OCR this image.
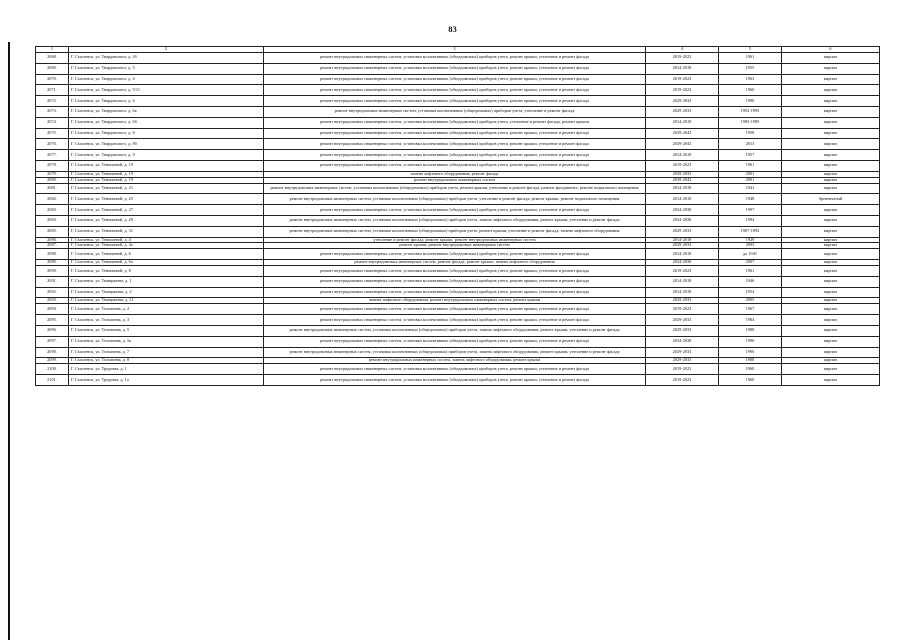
83
1	2	3	4	5	6
2068.	Г. Смоленск, ул. Твардовского, д. 2б	ремонт внутридомовых инженерных систем, установка коллективных (общедомовых) приборов учета, ремонт крыши, утепление и ремонт фасада	2019-2023	1961	кирпич
2069.	Г. Смоленск, ул. Твардовского, д. 3	ремонт внутридомовых инженерных систем, установка коллективных (общедомовых) приборов учета, ремонт крыши, утепление и ремонт фасада	2014-2018	1955	кирпич
2070.	Г. Смоленск, ул. Твардовского, д. 4	ремонт внутридомовых инженерных систем, установка коллективных (общедомовых) приборов учета, ремонт крыши, утепление и ремонт фасада	2019-2023	1963	кирпич
2071.	Г. Смоленск, ул. Твардовского, д. 5/11	ремонт внутридомовых инженерных систем, установка коллективных (общедомовых) приборов учета, ремонт крыши, утепление и ремонт фасада	2019-2023	1960	кирпич
2072.	Г. Смоленск, ул. Твардовского, д. 6	ремонт внутридомовых инженерных систем, установка коллективных (общедомовых) приборов учета, ремонт крыши, утепление и ремонт фасада	2029-2033	1990	кирпич
2073.	Г. Смоленск, ул. Твардовского, д. 6а	ремонт внутридомовых инженерных систем, установка коллективных (общедомовых) приборов учета, утепление и ремонт фасада	2029-2033	1992-1995	кирпич
2074.	Г. Смоленск, ул. Твардовского, д. 6б	ремонт внутридомовых инженерных систем, установка коллективных (общедомовых) приборов учета, утепление и ремонт фасада, ремонт крыши	2014-2018	1983-1985	кирпич
2075.	Г. Смоленск, ул. Твардовского, д. 8	ремонт внутридомовых инженерных систем, установка коллективных (общедомовых) приборов учета, ремонт крыши, утепление и ремонт фасада	2039-2043	1958	кирпич
2076.	Г. Смоленск, ул. Твардовского, д. 8б	ремонт внутридомовых инженерных систем, установка коллективных (общедомовых) приборов учета, ремонт крыши, утепление и ремонт фасада	2039-2043	2013	кирпич
2077.	Г. Смоленск, ул. Твардовского, д. 9	ремонт внутридомовых инженерных систем, установка коллективных (общедомовых) приборов учета, ремонт крыши, утепление и ремонт фасада	2014-2018	1957	кирпич
2078.	Г. Смоленск, ул. Тенишевой, д. 10	ремонт внутридомовых инженерных систем, установка коллективных (общедомовых) приборов учета, ремонт крыши, утепление и ремонт фасада	2019-2023	1961	кирпич
2079.	Г. Смоленск, ул. Тенишевой, д. 19	замена лифтового оборудования, ремонт фасада	2029-2033	2001	кирпич
2080.	Г. Смоленск, ул. Тенишевой, д. 19	ремонт внутридомовых инженерных систем	2039-2043	2001	кирпич
2081.	Г. Смоленск, ул. Тенишевой, д. 21	ремонт внутридомовых инженерных систем, установка коллективных (общедомовых) приборов учета, ремонт крыши, утепление и ремонт фасада, ремонт фундамента, ремонт подвального помещения	2014-2018	1941	кирпич
2082.	Г. Смоленск, ул. Тенишевой, д. 25	ремонт внутридомовых инженерных систем, установка коллективных (общедомовых) приборов учета, утепление и ремонт фасада, ремонт крыши, ремонт подвального помещения	2014-2018	1948	бревенчатый
2083.	Г. Смоленск, ул. Тенишевой, д. 27	ремонт внутридомовых инженерных систем, установка коллективных (общедомовых) приборов учета, ремонт крыши, утепление и ремонт фасада	2034-2038	1997	кирпич
2084.	Г. Смоленск, ул. Тенишевой, д. 29	ремонт внутридомовых инженерных систем, установка коллективных (общедомовых) приборов учета, замена лифтового оборудования, ремонт крыши, утепление и ремонт фасада	2034-2038	1994	кирпич
2085.	Г. Смоленск, ул. Тенишевой, д. 31	ремонт внутридомовых инженерных систем, установка коллективных (общедомовых) приборов учета, ремонт крыши, утепление и ремонт фасада, замена лифтового оборудования	2029-2033	1987-1992	кирпич
2086.	Г. Смоленск, ул. Тенишевой, д. 4	утепление и ремонт фасада, ремонт крыши, ремонт внутридомовых инженерных систем	2014-2018	1929	кирпич
2087.	Г. Смоленск, ул. Тенишевой, д. 4а	ремонт крыши, ремонт внутридомовых инженерных систем	2029-2033	2003	кирпич
2088.	Г. Смоленск, ул. Тенишевой, д. 6	ремонт внутридомовых инженерных систем, установка коллективных (общедомовых) приборов учета, ремонт крыши, утепление и ремонт фасада	2014-2018	до 1941	кирпич
2089.	Г. Смоленск, ул. Тенишевой, д. 6а	ремонт внутридомовых инженерных систем, ремонт фасада, ремонт крыши, замена лифтового оборудования	2034-2038	2007	кирпич
2090.	Г. Смоленск, ул. Тенишевой, д. 8	ремонт внутридомовых инженерных систем, установка коллективных (общедомовых) приборов учета, ремонт крыши, утепление и ремонт фасада	2019-2023	1961	кирпич
2091.	Г. Смоленск, ул. Тимирязева, д. 1	ремонт внутридомовых инженерных систем, установка коллективных (общедомовых) приборов учета, ремонт крыши, утепление и ремонт фасада	2014-2018	1946	кирпич
2092.	Г. Смоленск, ул. Тимирязева, д. 2	ремонт внутридомовых инженерных систем, установка коллективных (общедомовых) приборов учета, ремонт крыши, утепление и ремонт фасада	2014-2018	1954	кирпич
2093.	Г. Смоленск, ул. Тимирязева, д. 11	замена лифтового оборудования, ремонт внутридомовых инженерных систем, ремонт крыши	2029-2033	2005	кирпич
2094.	Г. Смоленск, ул. Толмачева, д. 2	ремонт внутридомовых инженерных систем, установка коллективных (общедомовых) приборов учета, ремонт крыши, утепление и ремонт фасада	2019-2023	1967	кирпич
2095.	Г. Смоленск, ул. Толмачева, д. 3	ремонт внутридомовых инженерных систем, установка коллективных (общедомовых) приборов учета, ремонт крыши, утепление и ремонт фасада	2029-2033	1984	кирпич
2096.	Г. Смоленск, ул. Толмачева, д. 5	ремонт внутридомовых инженерных систем, установка коллективных (общедомовых) приборов учета, замена лифтового оборудования, ремонт крыши, утепление и ремонт фасада	2029-2033	1988	кирпич
2097.	Г. Смоленск, ул. Толмачева, д. 5а	ремонт внутридомовых инженерных систем, установка коллективных (общедомовых) приборов учета, ремонт крыши, утепление и ремонт фасада	2034-2038	1996	кирпич
2098.	Г. Смоленск, ул. Толмачева, д. 7	ремонт внутридомовых инженерных систем, установка коллективных (общедомовых) приборов учета, замена лифтового оборудования, ремонт крыши, утепление и ремонт фасада	2029-2033	1990	кирпич
2099.	Г. Смоленск, ул. Толмачева, д. 8	ремонт внутридомовых инженерных систем, замена лифтового оборудования, ремонт крыши	2029-2033	1988	кирпич
2100.	Г. Смоленск, ул. Трудовая, д. 1	ремонт внутридомовых инженерных систем, установка коллективных (общедомовых) приборов учета, ремонт крыши, утепление и ремонт фасада	2019-2023	1960	кирпич
2101.	Г. Смоленск, ул. Трудовая, д. 1а	ремонт внутридомовых инженерных систем, установка коллективных (общедомовых) приборов учета, ремонт крыши, утепление и ремонт фасада	2019-2023	1960	кирпич
